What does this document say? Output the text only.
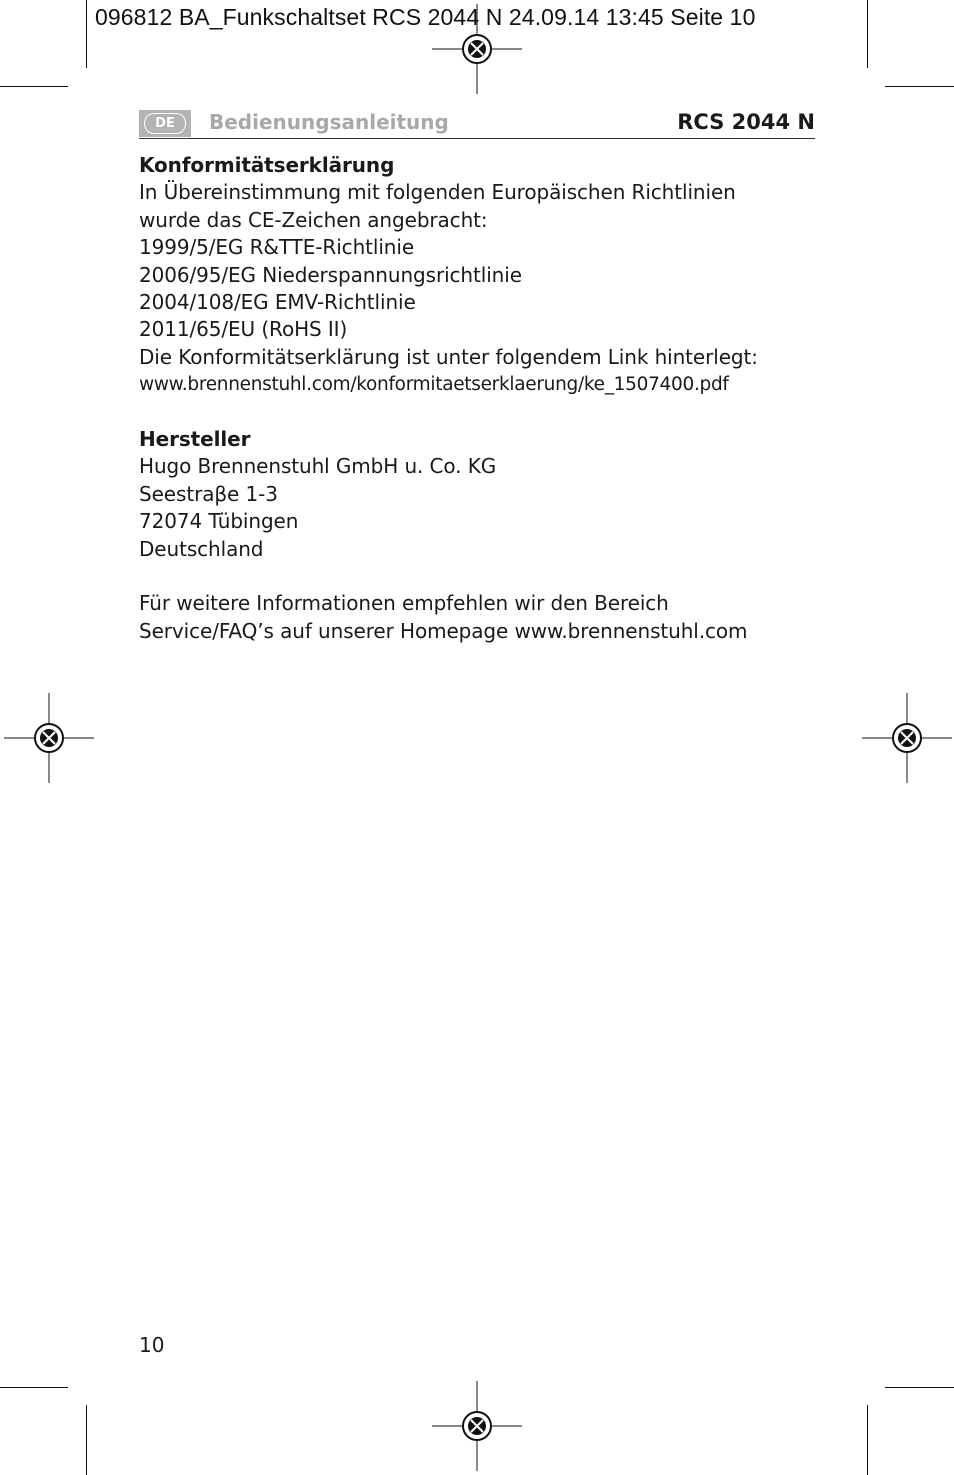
096812 BA_Funkschaltset RCS 2044 N 24.09.14 13:45 Seite 10
DE	Bedienungsanleitung	RCS 2044 N
Konformitätserklärung
In Übereinstimmung mit folgenden Europäischen Richtlinien
wurde das CE-Zeichen angebracht:
1999/5/EG R&TTE-Richtlinie
2006/95/EG Niederspannungsrichtlinie
2004/108/EG EMV-Richtlinie
2011/65/EU (RoHS II)
Die Konformitätserklärung ist unter folgendem Link hinterlegt:
www.brennenstuhl.com/konformitaetserklaerung/ke_1507400.pdf
Hersteller
Hugo Brennenstuhl GmbH u. Co. KG
Seestraβe 1-3
72074 Tübingen
Deutschland
Für weitere Informationen empfehlen wir den Bereich
Service/FAQ’s auf unserer Homepage www.brennenstuhl.com
10
